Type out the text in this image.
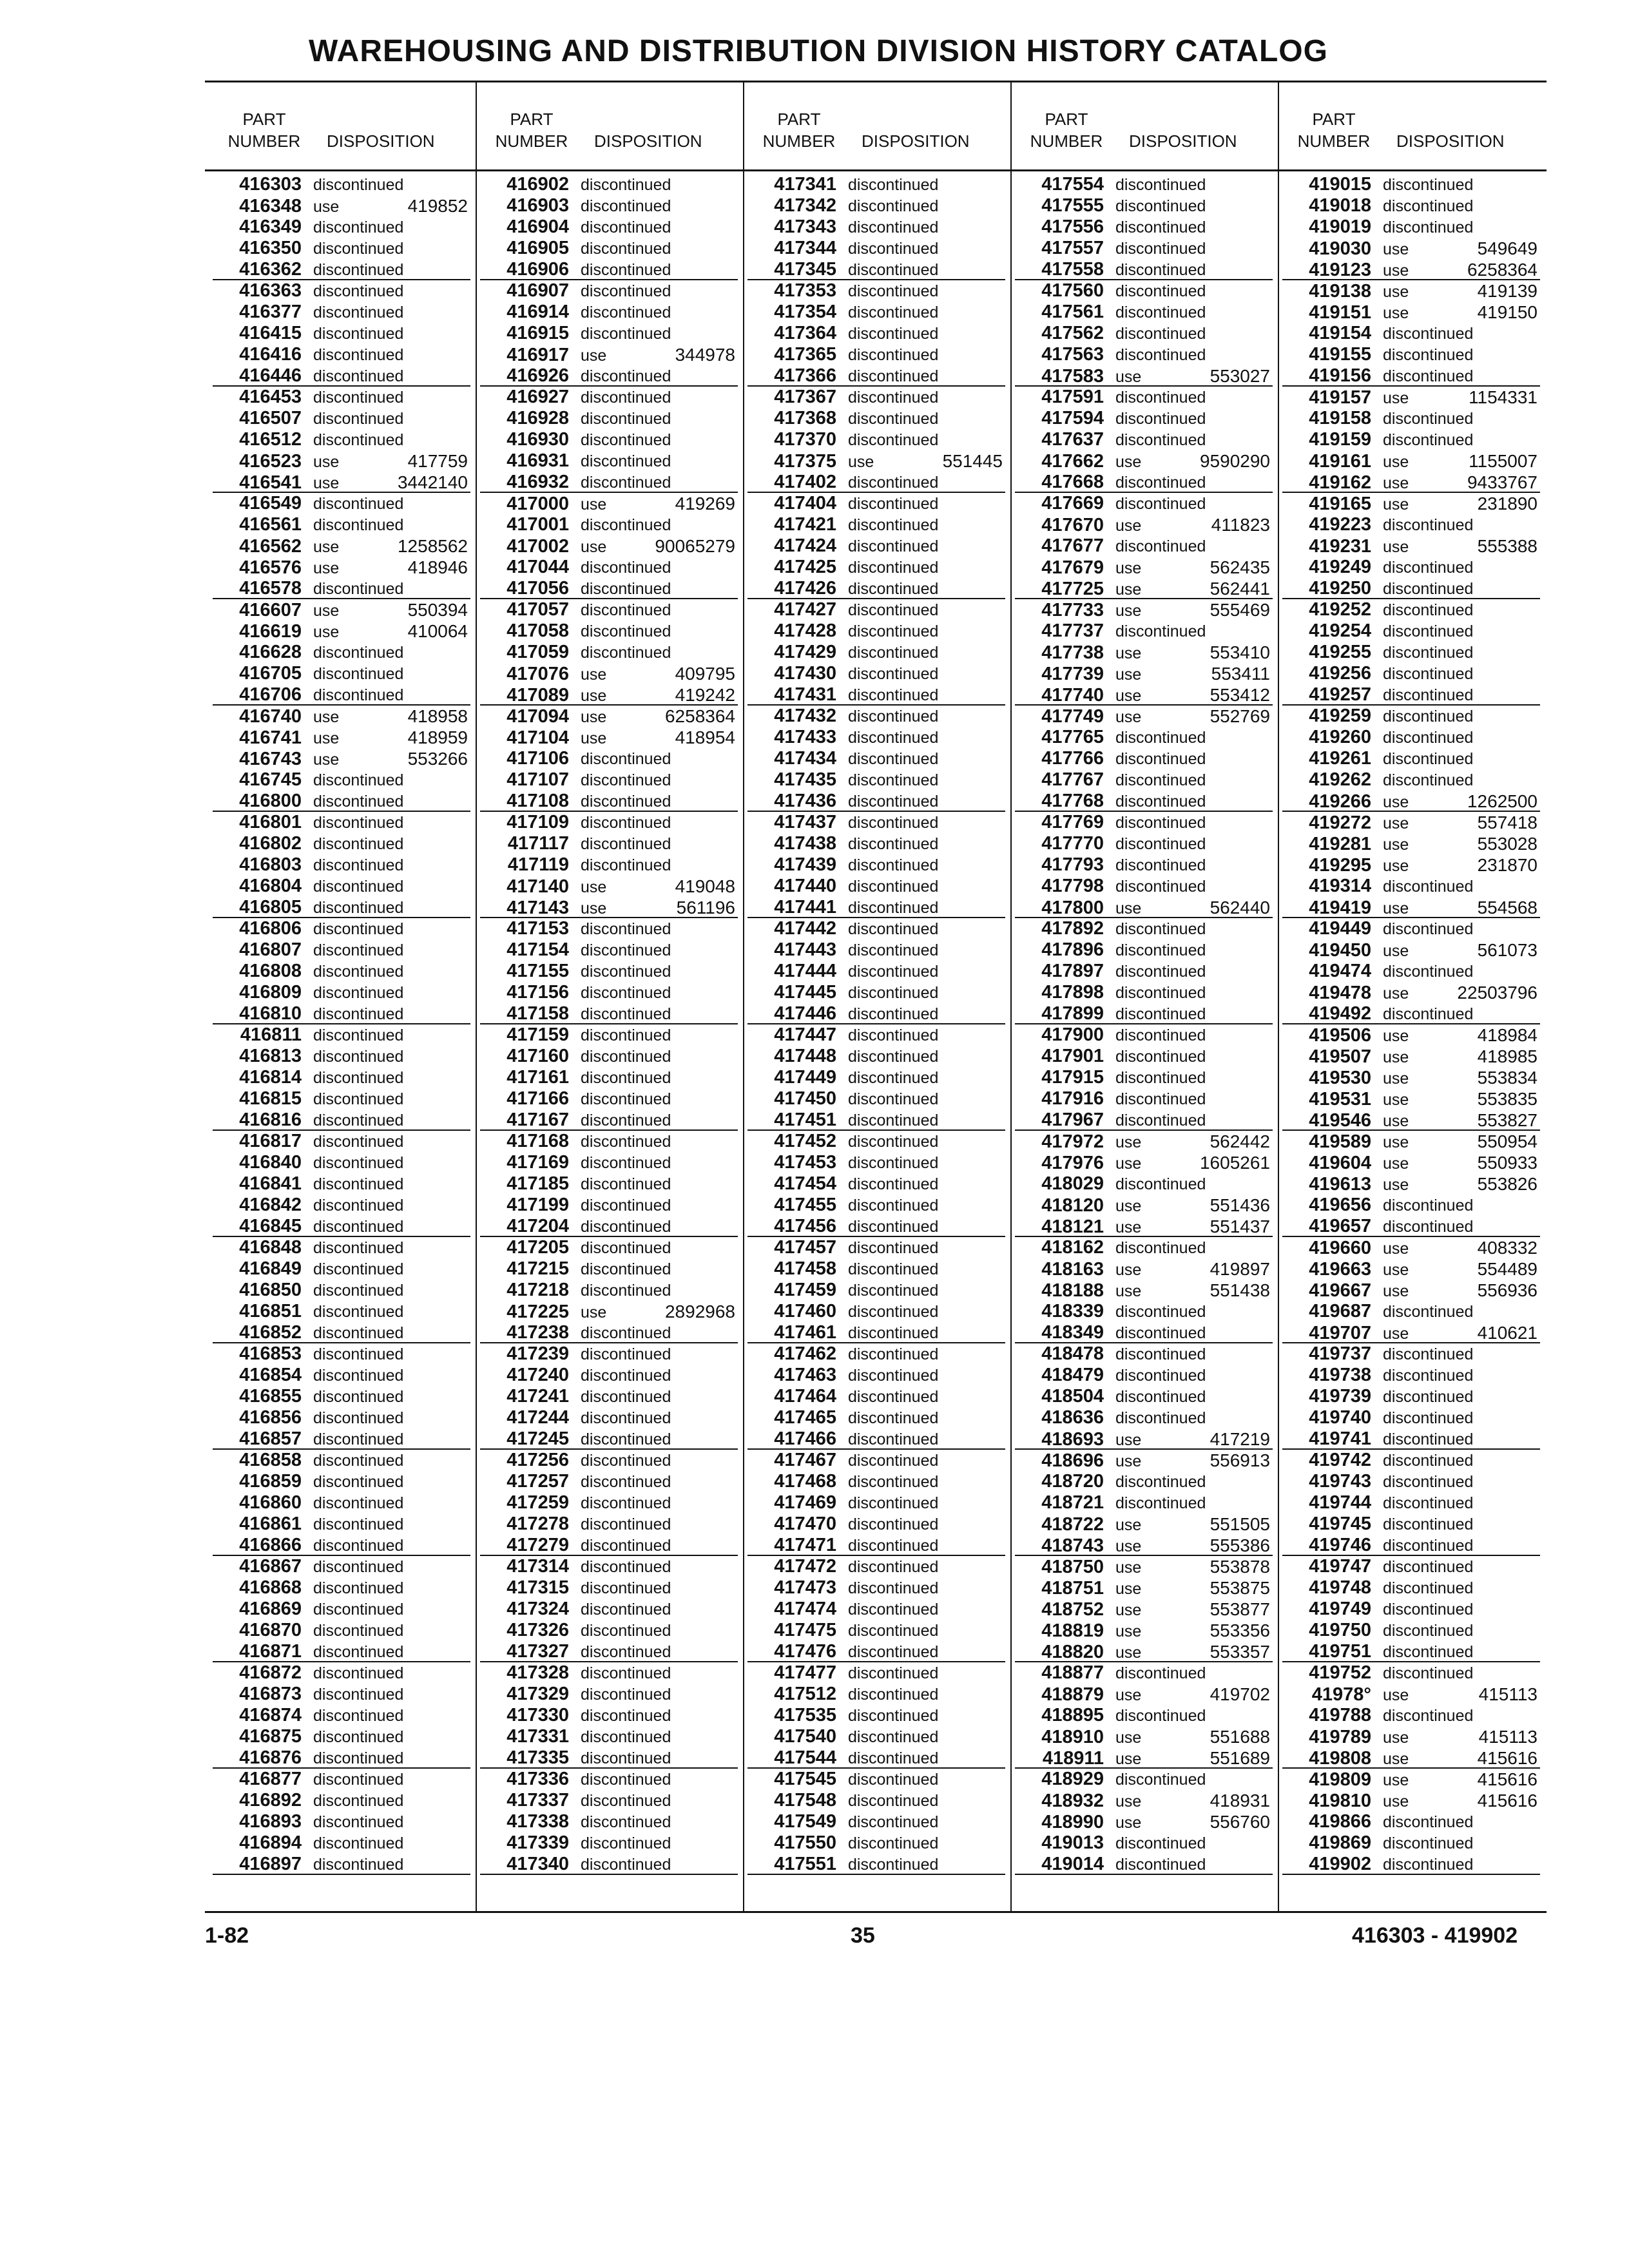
WAREHOUSING AND DISTRIBUTION DIVISION HISTORY CATALOG
PART
NUMBER	DISPOSITION
PART
NUMBER	DISPOSITION
PART
NUMBER	DISPOSITION
PART
NUMBER	DISPOSITION
PART
NUMBER	DISPOSITION
416303 discontinued
416348 use	419852
416349 discontinued
416350 discontinued
416362 discontinued
416363 discontinued
416377 discontinued
416415 discontinued
416416 discontinued
416446 discontinued
416453 discontinued
416507 discontinued
416512 discontinued
416523 use	417759
416541 use	3442140
416549 discontinued
416561 discontinued
416562 use	1258562
416576 use	418946
416578 discontinued
416607 use	550394
416619 use	410064
416628 discontinued
416705 discontinued
416706 discontinued
416740 use	418958
416741 use	418959
416743 use	553266
416745 discontinued
416800 discontinued
416801 discontinued
416802 discontinued
416803 discontinued
416804 discontinued
416805 discontinued
416806 discontinued
416807 discontinued
416808 discontinued
416809 discontinued
416810 discontinued
416811 discontinued
416813 discontinued
416814 discontinued
416815 discontinued
416816 discontinued
416817 discontinued
416840 discontinued
416841 discontinued
416842 discontinued
416845 discontinued
416848 discontinued
416849 discontinued
416850 discontinued
416851 discontinued
416852 discontinued
416853 discontinued
416854 discontinued
416855 discontinued
416856 discontinued
416857 discontinued
416858 discontinued
416859 discontinued
416860 discontinued
416861 discontinued
416866 discontinued
416867 discontinued
416868 discontinued
416869 discontinued
416870 discontinued
416871 discontinued
416872 discontinued
416873 discontinued
416874 discontinued
416875 discontinued
416876 discontinued
416877 discontinued
416892 discontinued
416893 discontinued
416894 discontinued
416897 discontinued
416902 discontinued
416903 discontinued
416904 discontinued
416905 discontinued
416906 discontinued
416907 discontinued
416914 discontinued
416915 discontinued
416917 use	344978
416926 discontinued
416927 discontinued
416928 discontinued
416930 discontinued
416931 discontinued
416932 discontinued
417000 use	419269
417001 discontinued
417002 use	90065279
417044 discontinued
417056 discontinued
417057 discontinued
417058 discontinued
417059 discontinued
417076 use	409795
417089 use	419242
417094 use	6258364
417104 use	418954
417106 discontinued
417107 discontinued
417108 discontinued
417109 discontinued
417117 discontinued
417119 discontinued
417140 use	419048
417143 use	561196
417153 discontinued
417154 discontinued
417155 discontinued
417156 discontinued
417158 discontinued
417159 discontinued
417160 discontinued
417161 discontinued
417166 discontinued
417167 discontinued
417168 discontinued
417169 discontinued
417185 discontinued
417199 discontinued
417204 discontinued
417205 discontinued
417215 discontinued
417218 discontinued
417225 use	2892968
417238 discontinued
417239 discontinued
417240 discontinued
417241 discontinued
417244 discontinued
417245 discontinued
417256 discontinued
417257 discontinued
417259 discontinued
417278 discontinued
417279 discontinued
417314 discontinued
417315 discontinued
417324 discontinued
417326 discontinued
417327 discontinued
417328 discontinued
417329 discontinued
417330 discontinued
417331 discontinued
417335 discontinued
417336 discontinued
417337 discontinued
417338 discontinued
417339 discontinued
417340 discontinued
417341 discontinued
417342 discontinued
417343 discontinued
417344 discontinued
417345 discontinued
417353 discontinued
417354 discontinued
417364 discontinued
417365 discontinued
417366 discontinued
417367 discontinued
417368 discontinued
417370 discontinued
417375 use	551445
417402 discontinued
417404 discontinued
417421 discontinued
417424 discontinued
417425 discontinued
417426 discontinued
417427 discontinued
417428 discontinued
417429 discontinued
417430 discontinued
417431 discontinued
417432 discontinued
417433 discontinued
417434 discontinued
417435 discontinued
417436 discontinued
417437 discontinued
417438 discontinued
417439 discontinued
417440 discontinued
417441 discontinued
417442 discontinued
417443 discontinued
417444 discontinued
417445 discontinued
417446 discontinued
417447 discontinued
417448 discontinued
417449 discontinued
417450 discontinued
417451 discontinued
417452 discontinued
417453 discontinued
417454 discontinued
417455 discontinued
417456 discontinued
417457 discontinued
417458 discontinued
417459 discontinued
417460 discontinued
417461 discontinued
417462 discontinued
417463 discontinued
417464 discontinued
417465 discontinued
417466 discontinued
417467 discontinued
417468 discontinued
417469 discontinued
417470 discontinued
417471 discontinued
417472 discontinued
417473 discontinued
417474 discontinued
417475 discontinued
417476 discontinued
417477 discontinued
417512 discontinued
417535 discontinued
417540 discontinued
417544 discontinued
417545 discontinued
417548 discontinued
417549 discontinued
417550 discontinued
417551 discontinued
417554 discontinued
417555 discontinued
417556 discontinued
417557 discontinued
417558 discontinued
417560 discontinued
417561 discontinued
417562 discontinued
417563 discontinued
417583 use	553027
417591 discontinued
417594 discontinued
417637 discontinued
417662 use	9590290
417668 discontinued
417669 discontinued
417670 use	411823
417677 discontinued
417679 use	562435
417725 use	562441
417733 use	555469
417737 discontinued
417738 use	553410
417739 use	553411
417740 use	553412
417749 use	552769
417765 discontinued
417766 discontinued
417767 discontinued
417768 discontinued
417769 discontinued
417770 discontinued
417793 discontinued
417798 discontinued
417800 use	562440
417892 discontinued
417896 discontinued
417897 discontinued
417898 discontinued
417899 discontinued
417900 discontinued
417901 discontinued
417915 discontinued
417916 discontinued
417967 discontinued
417972 use	562442
417976 use	1605261
418029 discontinued
418120 use	551436
418121 use	551437
418162 discontinued
418163 use	419897
418188 use	551438
418339 discontinued
418349 discontinued
418478 discontinued
418479 discontinued
418504 discontinued
418636 discontinued
418693 use	417219
418696 use	556913
418720 discontinued
418721 discontinued
418722 use	551505
418743 use	555386
418750 use	553878
418751 use	553875
418752 use	553877
418819 use	553356
418820 use	553357
418877 discontinued
418879 use	419702
418895 discontinued
418910 use	551688
418911 use	551689
418929 discontinued
418932 use	418931
418990 use	556760
419013 discontinued
419014 discontinued
419015 discontinued
419018 discontinued
419019 discontinued
419030 use	549649
419123 use	6258364
419138 use	419139
419151 use	419150
419154 discontinued
419155 discontinued
419156 discontinued
419157 use	1154331
419158 discontinued
419159 discontinued
419161 use	1155007
419162 use	9433767
419165 use	231890
419223 discontinued
419231 use	555388
419249 discontinued
419250 discontinued
419252 discontinued
419254 discontinued
419255 discontinued
419256 discontinued
419257 discontinued
419259 discontinued
419260 discontinued
419261 discontinued
419262 discontinued
419266 use	1262500
419272 use	557418
419281 use	553028
419295 use	231870
419314 discontinued
419419 use	554568
419449 discontinued
419450 use	561073
419474 discontinued
419478 use	22503796
419492 discontinued
419506 use	418984
419507 use	418985
419530 use	553834
419531 use	553835
419546 use	553827
419589 use	550954
419604 use	550933
419613 use	553826
419656 discontinued
419657 discontinued
419660 use	408332
419663 use	554489
419667 use	556936
419687 discontinued
419707 use	410621
419737 discontinued
419738 discontinued
419739 discontinued
419740 discontinued
419741 discontinued
419742 discontinued
419743 discontinued
419744 discontinued
419745 discontinued
419746 discontinued
419747 discontinued
419748 discontinued
419749 discontinued
419750 discontinued
419751 discontinued
419752 discontinued
41978° use	415113
419788 discontinued
419789 use	415113
419808 use	415616
419809 use	415616
419810 use	415616
419866 discontinued
419869 discontinued
419902 discontinued
1-82	35	416303 - 419902
